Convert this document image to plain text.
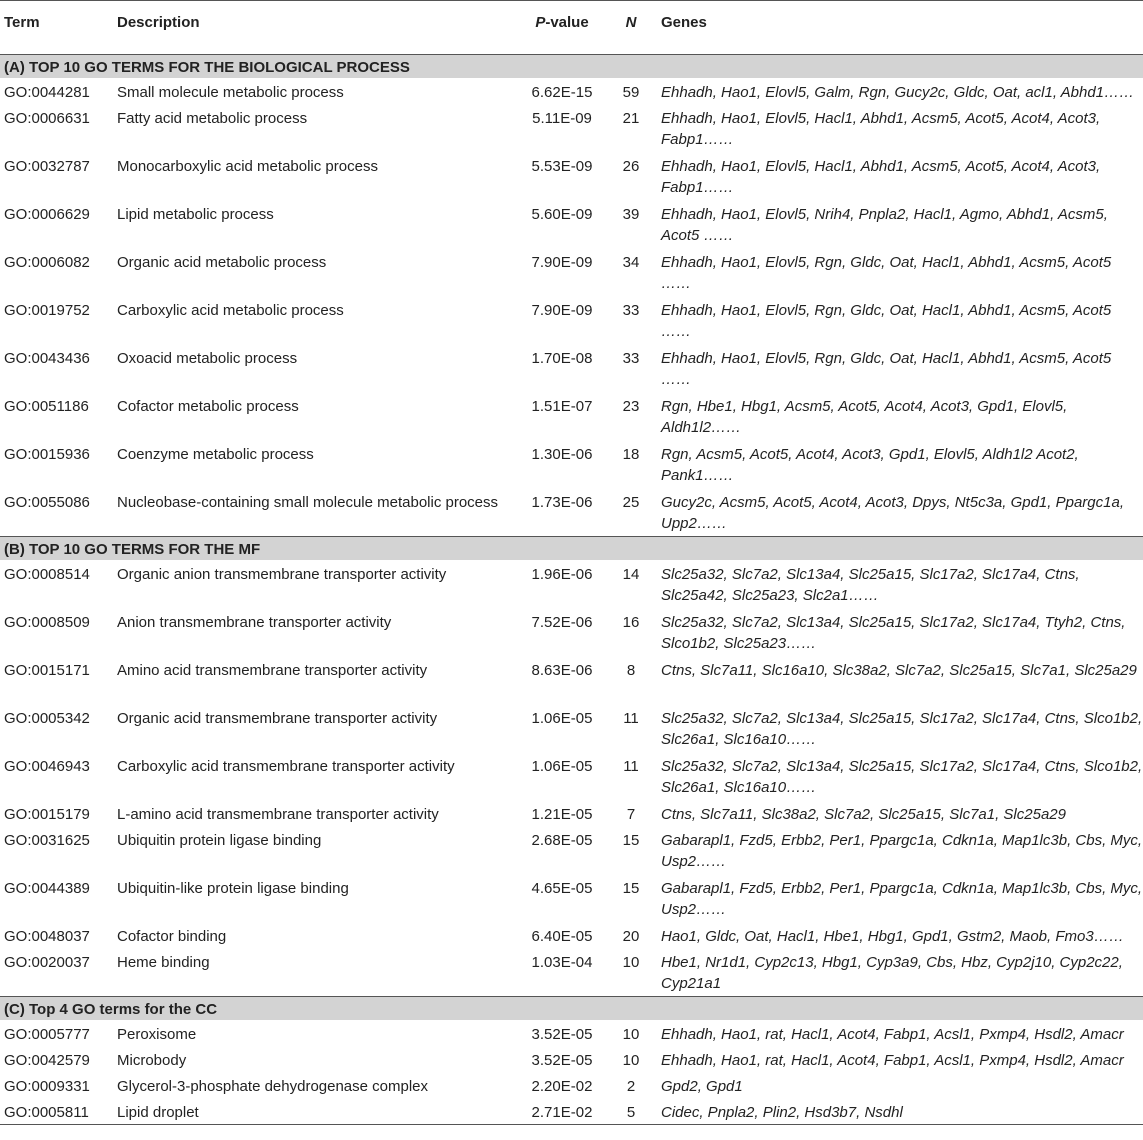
Term	Description	P-value	N	Genes
(A) TOP 10 GO TERMS FOR THE BIOLOGICAL PROCESS				
GO:0044281	Small molecule metabolic process	6.62E-15	59	Ehhadh, Hao1, Elovl5, Galm, Rgn, Gucy2c, Gldc, Oat, acl1, Abhd1……
GO:0006631	Fatty acid metabolic process	5.11E-09	21	Ehhadh, Hao1, Elovl5, Hacl1, Abhd1, Acsm5, Acot5, Acot4, Acot3, Fabp1……
GO:0032787	Monocarboxylic acid metabolic process	5.53E-09	26	Ehhadh, Hao1, Elovl5, Hacl1, Abhd1, Acsm5, Acot5, Acot4, Acot3, Fabp1……
GO:0006629	Lipid metabolic process	5.60E-09	39	Ehhadh, Hao1, Elovl5, Nrih4, Pnpla2, Hacl1, Agmo, Abhd1, Acsm5, Acot5 ……
GO:0006082	Organic acid metabolic process	7.90E-09	34	Ehhadh, Hao1, Elovl5, Rgn, Gldc, Oat, Hacl1, Abhd1, Acsm5, Acot5 ……
GO:0019752	Carboxylic acid metabolic process	7.90E-09	33	Ehhadh, Hao1, Elovl5, Rgn, Gldc, Oat, Hacl1, Abhd1, Acsm5, Acot5 ……
GO:0043436	Oxoacid metabolic process	1.70E-08	33	Ehhadh, Hao1, Elovl5, Rgn, Gldc, Oat, Hacl1, Abhd1, Acsm5, Acot5 ……
GO:0051186	Cofactor metabolic process	1.51E-07	23	Rgn, Hbe1, Hbg1, Acsm5, Acot5, Acot4, Acot3, Gpd1, Elovl5, Aldh1l2……
GO:0015936	Coenzyme metabolic process	1.30E-06	18	Rgn, Acsm5, Acot5, Acot4, Acot3, Gpd1, Elovl5, Aldh1l2 Acot2, Pank1……
GO:0055086	Nucleobase-containing small molecule metabolic process	1.73E-06	25	Gucy2c, Acsm5, Acot5, Acot4, Acot3, Dpys, Nt5c3a, Gpd1, Ppargc1a, Upp2……
(B) TOP 10 GO TERMS FOR THE MF				
GO:0008514	Organic anion transmembrane transporter activity	1.96E-06	14	Slc25a32, Slc7a2, Slc13a4, Slc25a15, Slc17a2, Slc17a4, Ctns, Slc25a42, Slc25a23, Slc2a1……
GO:0008509	Anion transmembrane transporter activity	7.52E-06	16	Slc25a32, Slc7a2, Slc13a4, Slc25a15, Slc17a2, Slc17a4, Ttyh2, Ctns, Slco1b2, Slc25a23……
GO:0015171	Amino acid transmembrane transporter activity	8.63E-06	8	Ctns, Slc7a11, Slc16a10, Slc38a2, Slc7a2, Slc25a15, Slc7a1, Slc25a29
GO:0005342	Organic acid transmembrane transporter activity	1.06E-05	11	Slc25a32, Slc7a2, Slc13a4, Slc25a15, Slc17a2, Slc17a4, Ctns, Slco1b2, Slc26a1, Slc16a10……
GO:0046943	Carboxylic acid transmembrane transporter activity	1.06E-05	11	Slc25a32, Slc7a2, Slc13a4, Slc25a15, Slc17a2, Slc17a4, Ctns, Slco1b2, Slc26a1, Slc16a10……
GO:0015179	L-amino acid transmembrane transporter activity	1.21E-05	7	Ctns, Slc7a11, Slc38a2, Slc7a2, Slc25a15, Slc7a1, Slc25a29
GO:0031625	Ubiquitin protein ligase binding	2.68E-05	15	Gabarapl1, Fzd5, Erbb2, Per1, Ppargc1a, Cdkn1a, Map1lc3b, Cbs, Myc, Usp2……
GO:0044389	Ubiquitin-like protein ligase binding	4.65E-05	15	Gabarapl1, Fzd5, Erbb2, Per1, Ppargc1a, Cdkn1a, Map1lc3b, Cbs, Myc, Usp2……
GO:0048037	Cofactor binding	6.40E-05	20	Hao1, Gldc, Oat, Hacl1, Hbe1, Hbg1, Gpd1, Gstm2, Maob, Fmo3……
GO:0020037	Heme binding	1.03E-04	10	Hbe1, Nr1d1, Cyp2c13, Hbg1, Cyp3a9, Cbs, Hbz, Cyp2j10, Cyp2c22, Cyp21a1
(C) Top 4 GO terms for the CC				
GO:0005777	Peroxisome	3.52E-05	10	Ehhadh, Hao1, rat, Hacl1, Acot4, Fabp1, Acsl1, Pxmp4, Hsdl2, Amacr
GO:0042579	Microbody	3.52E-05	10	Ehhadh, Hao1, rat, Hacl1, Acot4, Fabp1, Acsl1, Pxmp4, Hsdl2, Amacr
GO:0009331	Glycerol-3-phosphate dehydrogenase complex	2.20E-02	2	Gpd2, Gpd1
GO:0005811	Lipid droplet	2.71E-02	5	Cidec, Pnpla2, Plin2, Hsd3b7, Nsdhl
